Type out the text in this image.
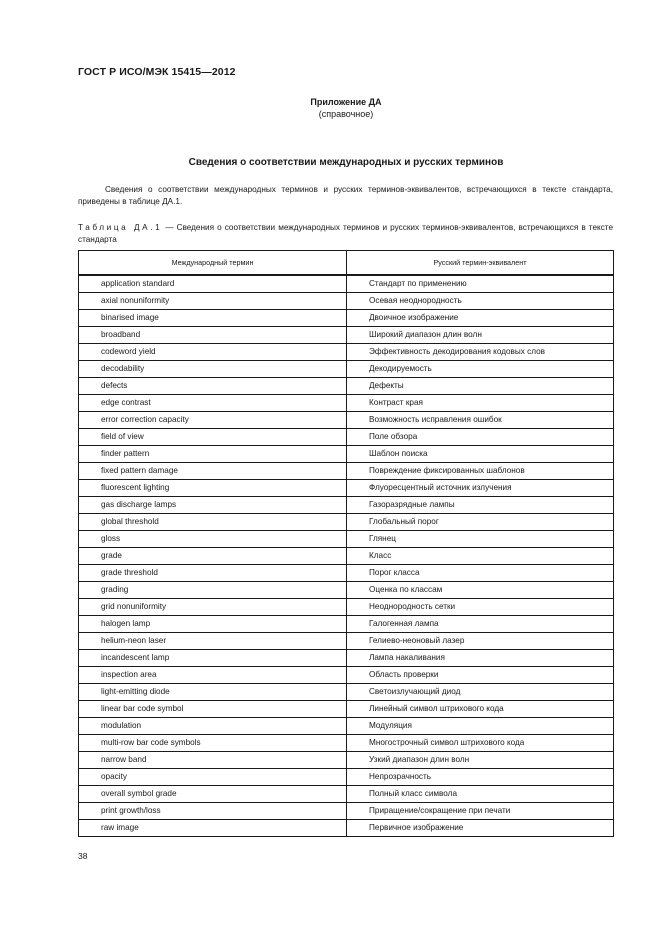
ГОСТ Р ИСО/МЭК 15415—2012
Приложение ДА
(справочное)
Сведения о соответствии международных и русских терминов
Сведения о соответствии международных терминов и русских терминов-эквивалентов, встречающихся в тексте стандарта, приведены в таблице ДА.1.
Таблица ДА.1 — Сведения о соответствии международных терминов и русских терминов-эквивалентов, встречающихся в тексте стандарта
Международный термин	Русский термин-эквивалент
application standard	Стандарт по применению
axial nonuniformity	Осевая неоднородность
binarised image	Двоичное изображение
broadband	Широкий диапазон длин волн
codeword yield	Эффективность декодирования кодовых слов
decodability	Декодируемость
defects	Дефекты
edge contrast	Контраст края
error correction capacity	Возможность исправления ошибок
field of view	Поле обзора
finder pattern	Шаблон поиска
fixed pattern damage	Повреждение фиксированных шаблонов
fluorescent lighting	Флуоресцентный источник излучения
gas discharge lamps	Газоразрядные лампы
global threshold	Глобальный порог
gloss	Глянец
grade	Класс
grade threshold	Порог класса
grading	Оценка по классам
grid nonuniformity	Неоднородность сетки
halogen lamp	Галогенная лампа
helium-neon laser	Гелиево-неоновый лазер
incandescent lamp	Лампа накаливания
inspection area	Область проверки
light-emitting diode	Светоизлучающий диод
linear bar code symbol	Линейный символ штрихового кода
modulation	Модуляция
multi-row bar code symbols	Многострочный символ штрихового кода
narrow band	Узкий диапазон длин волн
opacity	Непрозрачность
overall symbol grade	Полный класс символа
print growth/loss	Приращение/сокращение при печати
raw image	Первичное изображение
38
